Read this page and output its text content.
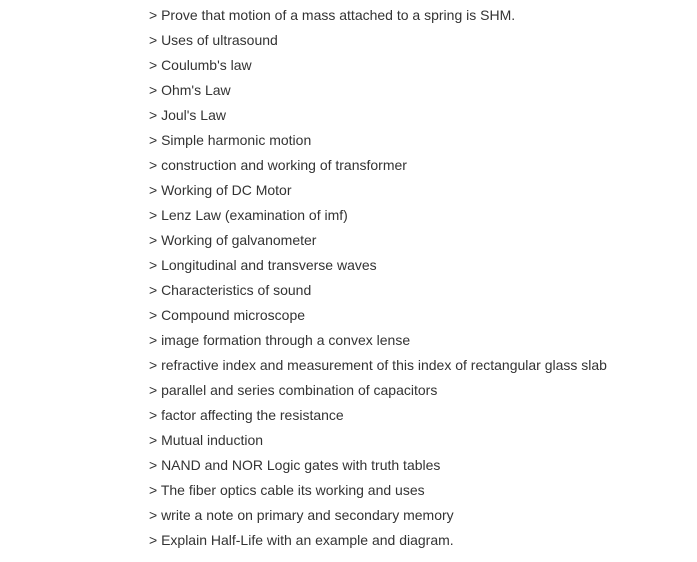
> Prove that motion of a mass attached to a spring is SHM.
> Uses of ultrasound
> Coulumb's law
> Ohm's Law
> Joul's Law
> Simple harmonic motion
> construction and working of transformer
> Working of DC Motor
> Lenz Law (examination of imf)
> Working of galvanometer
> Longitudinal and transverse waves
> Characteristics of sound
> Compound microscope
> image formation through a convex lense
> refractive index and measurement of this index of rectangular glass slab
> parallel and series combination of capacitors
> factor affecting the resistance
> Mutual induction
> NAND and NOR Logic gates with truth tables
> The fiber optics cable its working and uses
> write a note on primary and secondary memory
> Explain Half-Life with an example and diagram.
